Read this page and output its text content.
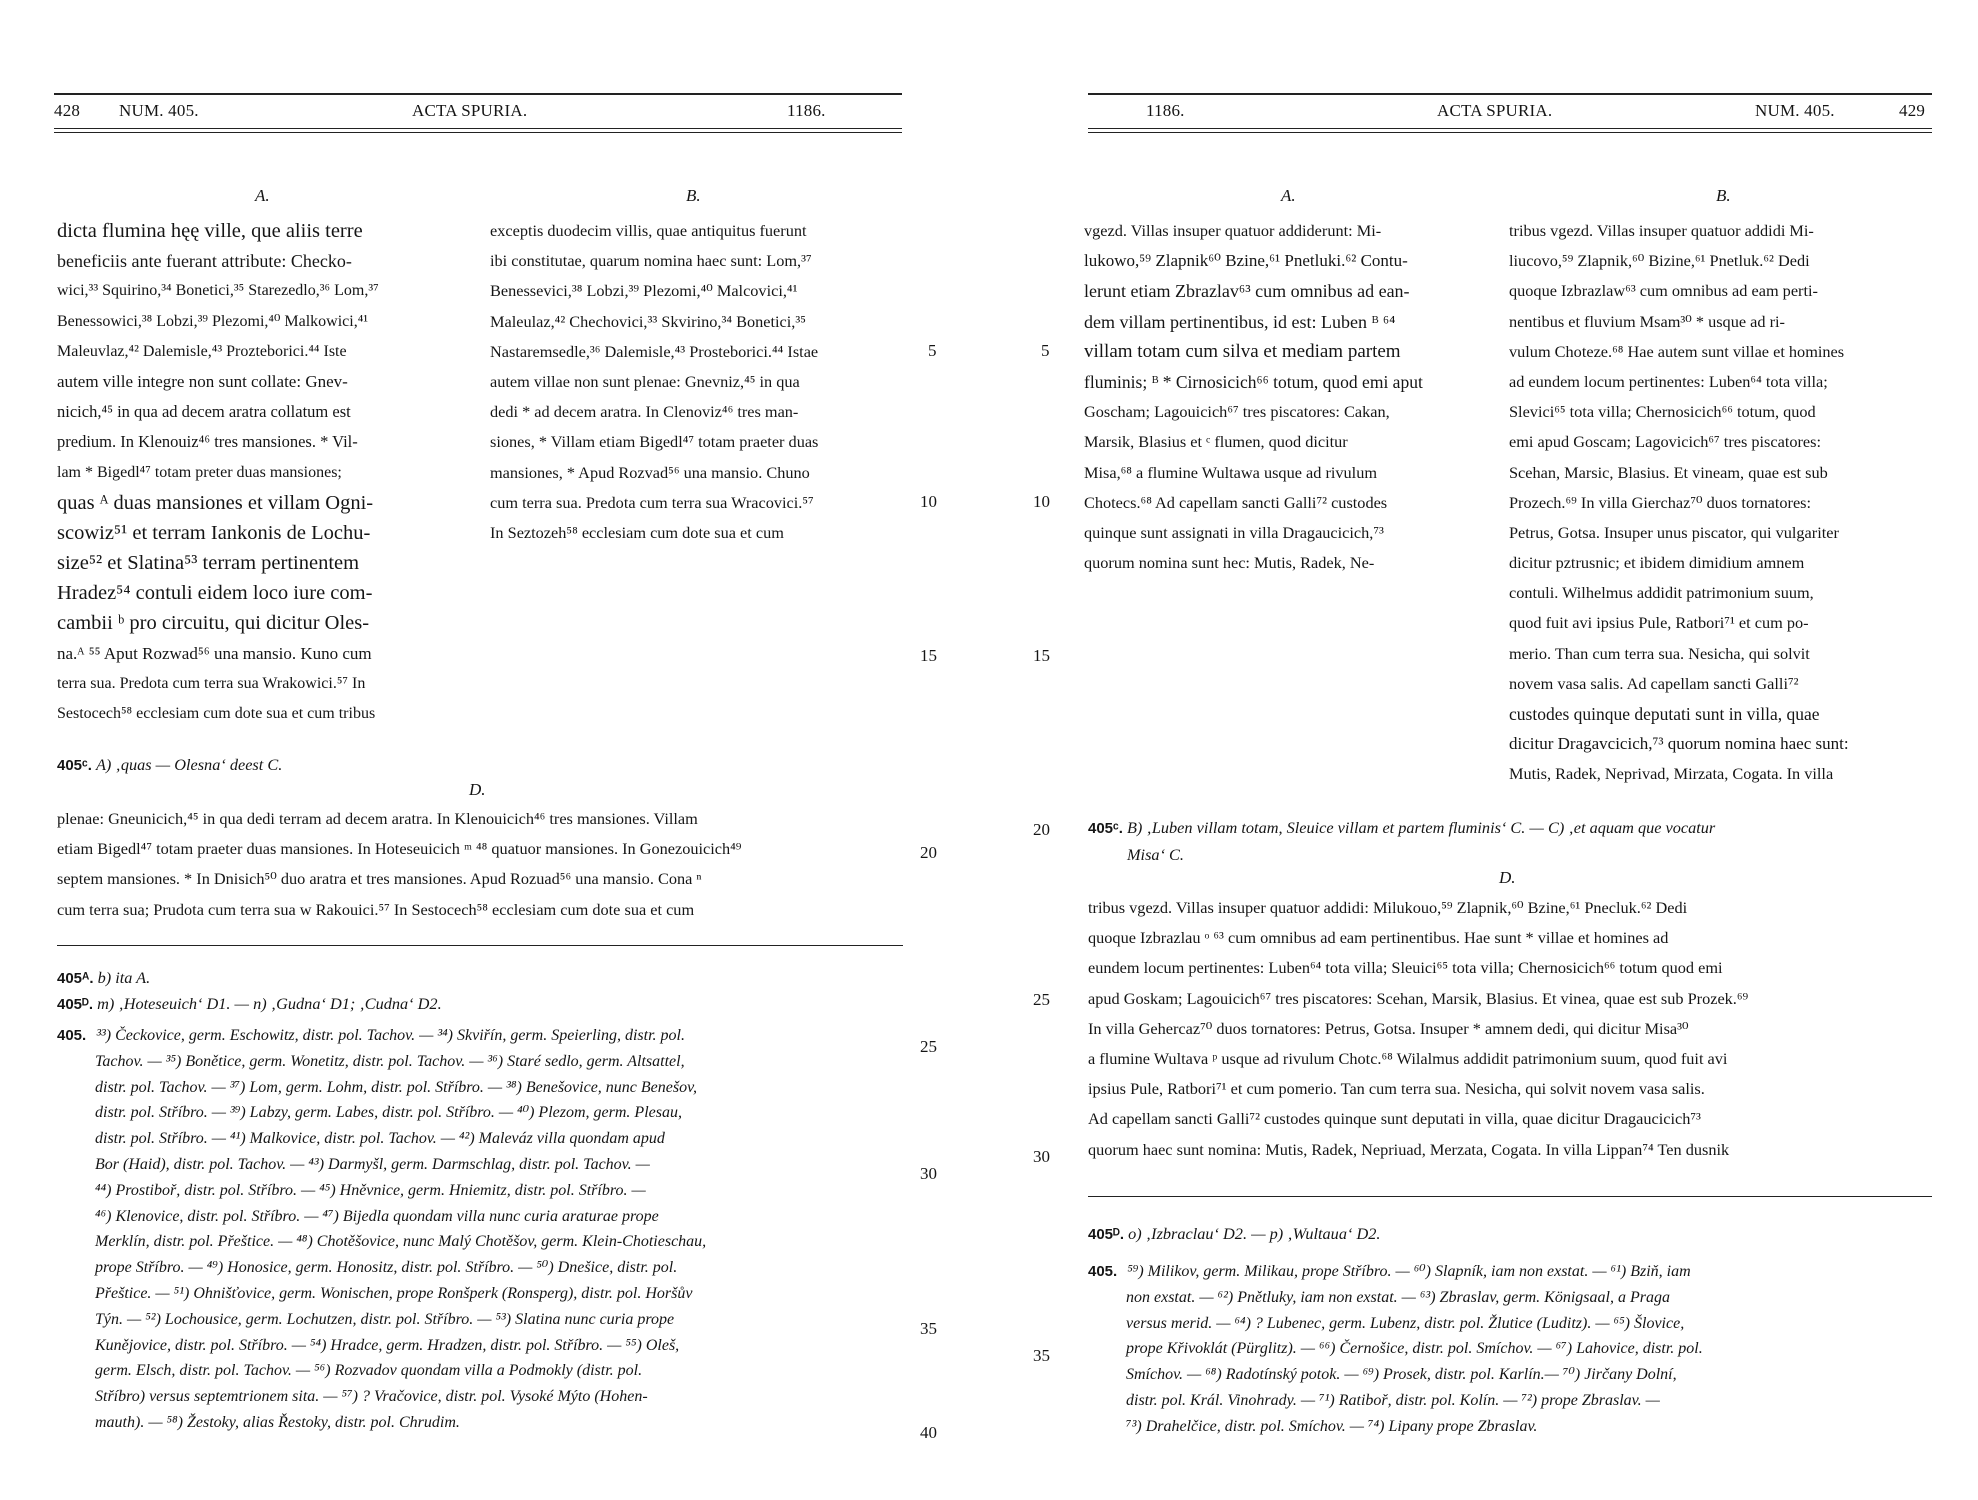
428 NUM. 405.	ACTA SPURIA.	1186.
A.	B.
dicta flumina hęę ville, que aliis terre
beneficiis ante fuerant attribute: Checko-
wici,³³ Squirino,³⁴ Bonetici,³⁵ Starezedlo,³⁶ Lom,³⁷
Benessowici,³⁸ Lobzi,³⁹ Plezomi,⁴⁰ Malkowici,⁴¹
Maleuvlaz,⁴² Dalemisle,⁴³ Prozteborici.⁴⁴ Iste
autem ville integre non sunt collate: Gnev-
nicich,⁴⁵ in qua ad decem aratra collatum est
predium. In Klenouiz⁴⁶ tres mansiones. * Vil-
lam * Bigedl⁴⁷ totam preter duas mansiones;
quas ᴬ duas mansiones et villam Ogni-
scowiz⁵¹ et terram Iankonis de Lochu-
size⁵² et Slatina⁵³ terram pertinentem
Hradez⁵⁴ contuli eidem loco iure com-
cambii ᵇ pro circuitu, qui dicitur Oles-
na.ᴬ ⁵⁵ Aput Rozwad⁵⁶ una mansio. Kuno cum
terra sua. Predota cum terra sua Wrakowici.⁵⁷ In
Sestocech⁵⁸ ecclesiam cum dote sua et cum tribus
exceptis duodecim villis, quae antiquitus fuerunt
ibi constitutae, quarum nomina haec sunt: Lom,³⁷
Benessevici,³⁸ Lobzi,³⁹ Plezomi,⁴⁰ Malcovici,⁴¹
Maleulaz,⁴² Chechovici,³³ Skvirino,³⁴ Bonetici,³⁵
Nastaremsedle,³⁶ Dalemisle,⁴³ Prosteborici.⁴⁴ Istae
autem villae non sunt plenae: Gnevniz,⁴⁵ in qua
dedi * ad decem aratra. In Clenoviz⁴⁶ tres man-
siones, * Villam etiam Bigedl⁴⁷ totam praeter duas
mansiones, * Apud Rozvad⁵⁶ una mansio. Chuno
cum terra sua. Predota cum terra sua Wracovici.⁵⁷
In Seztozeh⁵⁸ ecclesiam cum dote sua et cum
5
10
15
20
25
30
35
40
405ᶜ. A) ‚quas — Olesna‘ deest C.
D.
plenae: Gneunicich,⁴⁵ in qua dedi terram ad decem aratra. In Klenouicich⁴⁶ tres mansiones. Villam
etiam Bigedl⁴⁷ totam praeter duas mansiones. In Hoteseuicich ᵐ ⁴⁸ quatuor mansiones. In Gonezouicich⁴⁹
septem mansiones. * In Dnisich⁵⁰ duo aratra et tres mansiones. Apud Rozuad⁵⁶ una mansio. Cona ⁿ
cum terra sua; Prudota cum terra sua w Rakouici.⁵⁷ In Sestocech⁵⁸ ecclesiam cum dote sua et cum
405ᴬ. b) ita A.
405ᴰ. m) ‚Hoteseuich‘ D1. — n) ‚Gudna‘ D1; ‚Cudna‘ D2.
405. ³³) Čeckovice, germ. Eschowitz, distr. pol. Tachov. — ³⁴) Skviřín, germ. Speierling, distr. pol.
Tachov. — ³⁵) Bonětice, germ. Wonetitz, distr. pol. Tachov. — ³⁶) Staré sedlo, germ. Altsattel,
distr. pol. Tachov. — ³⁷) Lom, germ. Lohm, distr. pol. Stříbro. — ³⁸) Benešovice, nunc Benešov,
distr. pol. Stříbro. — ³⁹) Labzy, germ. Labes, distr. pol. Stříbro. — ⁴⁰) Plezom, germ. Plesau,
distr. pol. Stříbro. — ⁴¹) Malkovice, distr. pol. Tachov. — ⁴²) Maleváz villa quondam apud
Bor (Haid), distr. pol. Tachov. — ⁴³) Darmyšl, germ. Darmschlag, distr. pol. Tachov. —
⁴⁴) Prostiboř, distr. pol. Stříbro. — ⁴⁵) Hněvnice, germ. Hniemitz, distr. pol. Stříbro. —
⁴⁶) Klenovice, distr. pol. Stříbro. — ⁴⁷) Bijedla quondam villa nunc curia araturae prope
Merklín, distr. pol. Přeštice. — ⁴⁸) Chotěšovice, nunc Malý Chotěšov, germ. Klein-Chotieschau,
prope Stříbro. — ⁴⁹) Honosice, germ. Honositz, distr. pol. Stříbro. — ⁵⁰) Dnešice, distr. pol.
Přeštice. — ⁵¹) Ohnišťovice, germ. Wonischen, prope Ronšperk (Ronsperg), distr. pol. Horšův
Týn. — ⁵²) Lochousice, germ. Lochutzen, distr. pol. Stříbro. — ⁵³) Slatina nunc curia prope
Kunějovice, distr. pol. Stříbro. — ⁵⁴) Hradce, germ. Hradzen, distr. pol. Stříbro. — ⁵⁵) Oleš,
germ. Elsch, distr. pol. Tachov. — ⁵⁶) Rozvadov quondam villa a Podmokly (distr. pol.
Stříbro) versus septemtrionem sita. — ⁵⁷) ? Vračovice, distr. pol. Vysoké Mýto (Hohen-
mauth). — ⁵⁸) Žestoky, alias Řestoky, distr. pol. Chrudim.
1186.	ACTA SPURIA.	NUM. 405.	429
A.	B.
vgezd. Villas insuper quatuor addiderunt: Mi-
lukowo,⁵⁹ Zlapnik⁶⁰ Bzine,⁶¹ Pnetluki.⁶² Contu-
lerunt etiam Zbrazlav⁶³ cum omnibus ad ean-
dem villam pertinentibus, id est: Luben ᴮ ⁶⁴
villam totam cum silva et mediam partem
fluminis; ᴮ * Cirnosicich⁶⁶ totum, quod emi aput
Goscham; Lagouicich⁶⁷ tres piscatores: Cakan,
Marsik, Blasius et ᶜ flumen, quod dicitur
Misa,⁶⁸ a flumine Wultawa usque ad rivulum
Chotecs.⁶⁸ Ad capellam sancti Galli⁷² custodes
quinque sunt assignati in villa Dragaucicich,⁷³
quorum nomina sunt hec: Mutis, Radek, Ne-
tribus vgezd. Villas insuper quatuor addidi Mi-
liucovo,⁵⁹ Zlapnik,⁶⁰ Bizine,⁶¹ Pnetluk.⁶² Dedi
quoque Izbrazlaw⁶³ cum omnibus ad eam perti-
nentibus et fluvium Msam³⁰ * usque ad ri-
vulum Choteze.⁶⁸ Hae autem sunt villae et homines
ad eundem locum pertinentes: Luben⁶⁴ tota villa;
Slevici⁶⁵ tota villa; Chernosicich⁶⁶ totum, quod
emi apud Goscam; Lagovicich⁶⁷ tres piscatores:
Scehan, Marsic, Blasius. Et vineam, quae est sub
Prozech.⁶⁹ In villa Gierchaz⁷⁰ duos tornatores:
Petrus, Gotsa. Insuper unus piscator, qui vulgariter
dicitur pztrusnic; et ibidem dimidium amnem
contuli. Wilhelmus addidit patrimonium suum,
quod fuit avi ipsius Pule, Ratbori⁷¹ et cum po-
merio. Than cum terra sua. Nesicha, qui solvit
novem vasa salis. Ad capellam sancti Galli⁷²
custodes quinque deputati sunt in villa, quae
dicitur Dragavcicich,⁷³ quorum nomina haec sunt:
Mutis, Radek, Neprivad, Mirzata, Cogata. In villa
5
10
15
20
25
30
35
405ᶜ. B) ‚Luben villam totam, Sleuice villam et partem fluminis‘ C. — C) ‚et aquam que vocatur
Misa‘ C.
D.
tribus vgezd. Villas insuper quatuor addidi: Milukouo,⁵⁹ Zlapnik,⁶⁰ Bzine,⁶¹ Pnecluk.⁶² Dedi
quoque Izbrazlau ᵒ ⁶³ cum omnibus ad eam pertinentibus. Hae sunt * villae et homines ad
eundem locum pertinentes: Luben⁶⁴ tota villa; Sleuici⁶⁵ tota villa; Chernosicich⁶⁶ totum quod emi
apud Goskam; Lagouicich⁶⁷ tres piscatores: Scehan, Marsik, Blasius. Et vinea, quae est sub Prozek.⁶⁹
In villa Gehercaz⁷⁰ duos tornatores: Petrus, Gotsa. Insuper * amnem dedi, qui dicitur Misa³⁰
a flumine Wultava ᵖ usque ad rivulum Chotc.⁶⁸ Wilalmus addidit patrimonium suum, quod fuit avi
ipsius Pule, Ratbori⁷¹ et cum pomerio. Tan cum terra sua. Nesicha, qui solvit novem vasa salis.
Ad capellam sancti Galli⁷² custodes quinque sunt deputati in villa, quae dicitur Dragaucicich⁷³
quorum haec sunt nomina: Mutis, Radek, Nepriuad, Merzata, Cogata. In villa Lippan⁷⁴ Ten dusnik
405ᴰ. o) ‚Izbraclau‘ D2. — p) ‚Wultaua‘ D2.
405. ⁵⁹) Milikov, germ. Milikau, prope Stříbro. — ⁶⁰) Slapník, iam non exstat. — ⁶¹) Bziň, iam
non exstat. — ⁶²) Pnětluky, iam non exstat. — ⁶³) Zbraslav, germ. Königsaal, a Praga
versus merid. — ⁶⁴) ? Lubenec, germ. Lubenz, distr. pol. Žlutice (Luditz). — ⁶⁵) Šlovice,
prope Křivoklát (Pürglitz). — ⁶⁶) Černošice, distr. pol. Smíchov. — ⁶⁷) Lahovice, distr. pol.
Smíchov. — ⁶⁸) Radotínský potok. — ⁶⁹) Prosek, distr. pol. Karlín.— ⁷⁰) Jirčany Dolní,
distr. pol. Král. Vinohrady. — ⁷¹) Ratiboř, distr. pol. Kolín. — ⁷²) prope Zbraslav. —
⁷³) Drahelčice, distr. pol. Smíchov. — ⁷⁴) Lipany prope Zbraslav.
